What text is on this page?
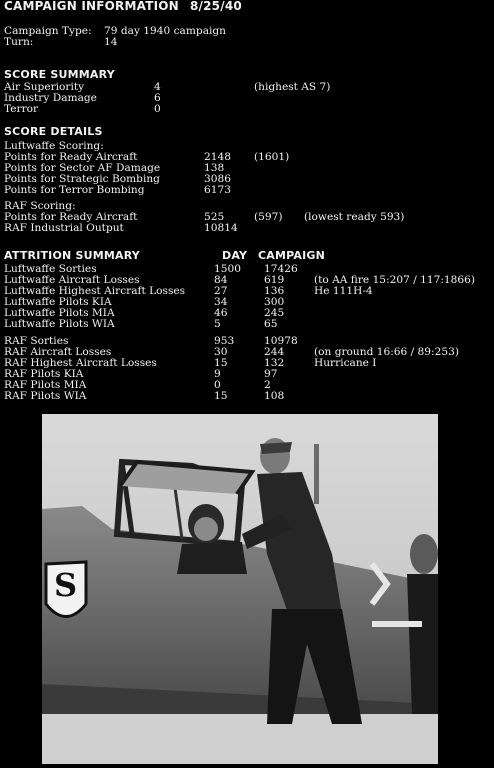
CAMPAIGN INFORMATION 8/25/40
Campaign Type: 79 day 1940 campaign
Turn:	14
SCORE SUMMARY
Air Superiority	4	(highest AS 7)
Industry Damage	6
Terror	0
SCORE DETAILS
Luftwaffe Scoring:
Points for Ready Aircraft	2148 (1601)
Points for Sector AF Damage	138
Points for Strategic Bombing	3086
Points for Terror Bombing	6173
RAF Scoring:
Points for Ready Aircraft	525	(597) (lowest ready 593)
RAF Industrial Output	10814
ATTRITION SUMMARY	DAY CAMPAIGN
Luftwaffe Sorties	1500 17426
Luftwaffe Aircraft Losses	84	619	(to AA fire 15:207 / 117:1866)
Luftwaffe Highest Aircraft Losses	27	136	He 111H-4
Luftwaffe Pilots KIA	34	300
Luftwaffe Pilots MIA	46	245
Luftwaffe Pilots WIA	5	65
RAF Sorties	953	10978
RAF Aircraft Losses	30	244	(on ground 16:66 / 89:253)
RAF Highest Aircraft Losses	15	132	Hurricane I
RAF Pilots KIA	9	97
RAF Pilots MIA	0	2
RAF Pilots WIA	15	108
S
